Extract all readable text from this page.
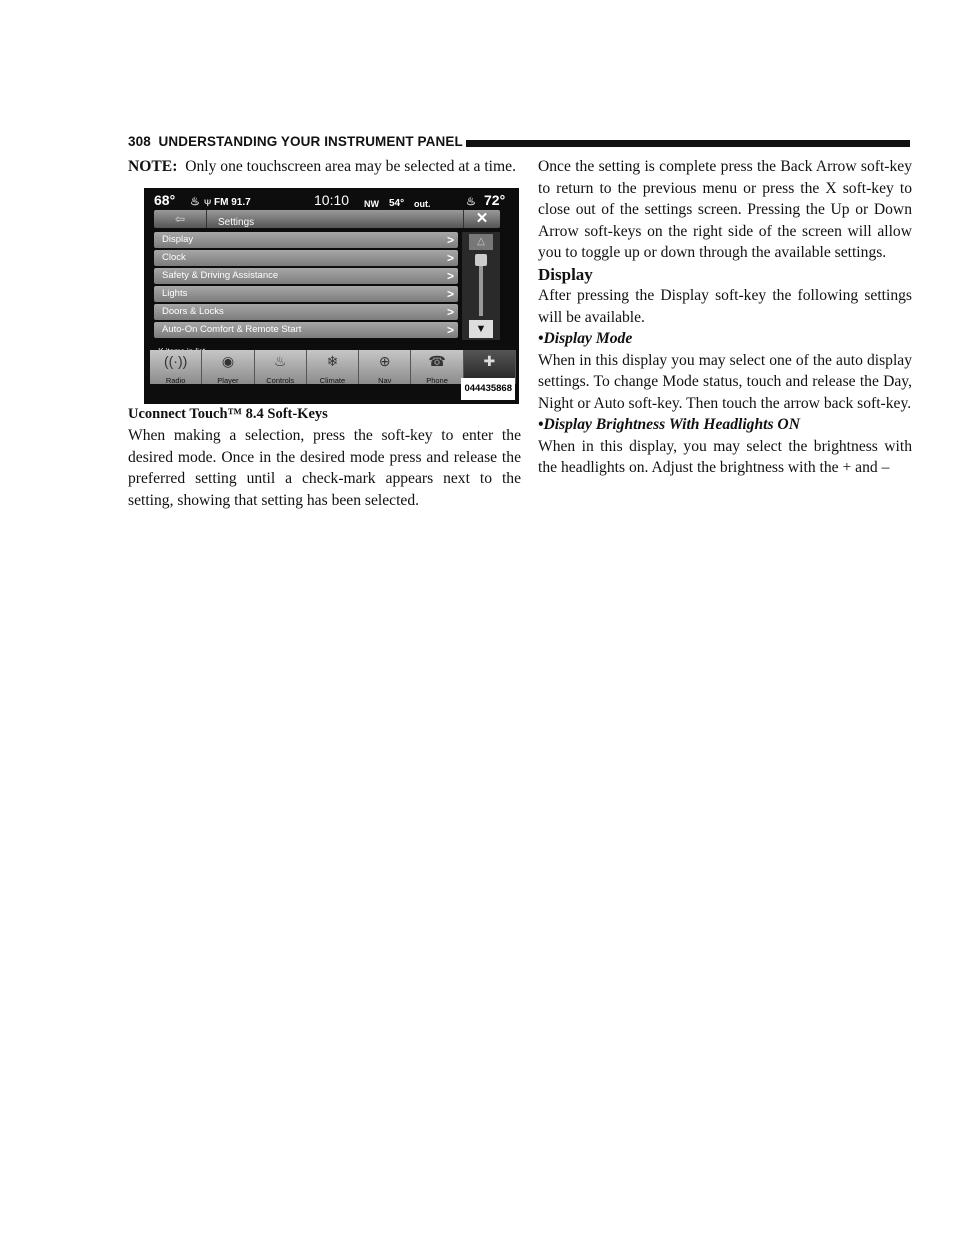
308 UNDERSTANDING YOUR INSTRUMENT PANEL

NOTE: Only one touchscreen area may be selected at a time.

68° ♨ Ψ FM 91.7	10:10 NW 54° out.	♨ 72°
⇦	Settings	✕
Display	>
Clock	>
Safety & Driving Assistance	>
Lights	>
Doors & Locks	>
Auto-On Comfort & Remote Start	>
△
▼
((·))
Radio
◉
Player
♨
Controls
❄
Climate
⊕
Nav
☎
Phone
✚
044435868

Uconnect Touch™ 8.4 Soft-Keys

When making a selection, press the soft-key to enter the desired mode. Once in the desired mode press and release the preferred setting until a check-mark appears next to the setting, showing that setting has been selected.

Once the setting is complete press the Back Arrow soft-key to return to the previous menu or press the X soft-key to close out of the settings screen. Pressing the Up or Down Arrow soft-keys on the right side of the screen will allow you to toggle up or down through the available settings.

Display

After pressing the Display soft-key the following settings will be available.

•Display Mode

When in this display you may select one of the auto display settings. To change Mode status, touch and release the Day, Night or Auto soft-key. Then touch the arrow back soft-key.

•Display Brightness With Headlights ON

When in this display, you may select the brightness with the headlights on. Adjust the brightness with the + and –
